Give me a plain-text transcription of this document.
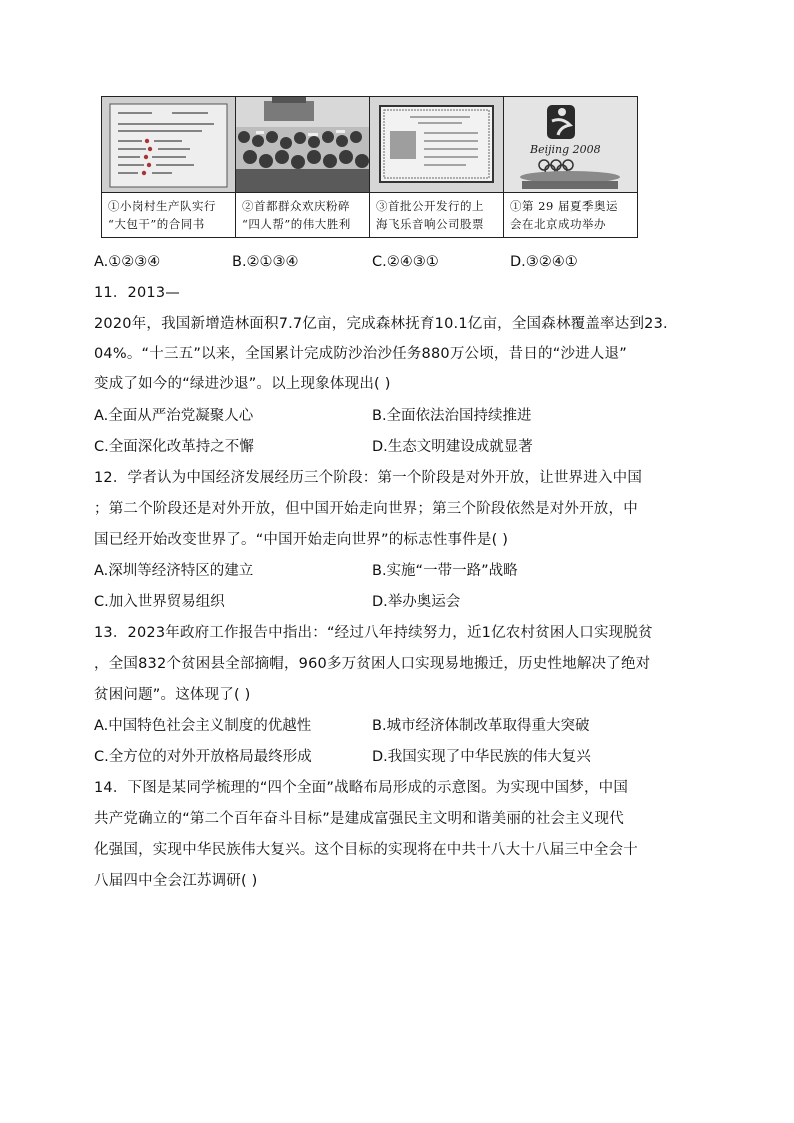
①小岗村生产队实行
“大包干”的合同书
②首都群众欢庆粉碎
“四人帮”的伟大胜利
③首批公开发行的上
海飞乐音响公司股票
Beijing 2008
①第 29 届夏季奥运
会在北京成功举办
A.①②③④	B.②①③④	C.②④③①	D.③②④①
11．2013—
2020年，我国新增造林面积7.7亿亩，完成森林抚育10.1亿亩，全国森林覆盖率达到23.
04%。“十三五”以来，全国累计完成防沙治沙任务880万公顷，昔日的“沙进人退”
变成了如今的“绿进沙退”。以上现象体现出( )
A.全面从严治党凝聚人心	B.全面依法治国持续推进
C.全面深化改革持之不懈	D.生态文明建设成就显著
12．学者认为中国经济发展经历三个阶段：第一个阶段是对外开放，让世界进入中国
；第二个阶段还是对外开放，但中国开始走向世界；第三个阶段依然是对外开放，中
国已经开始改变世界了。“中国开始走向世界”的标志性事件是( )
A.深圳等经济特区的建立	B.实施“一带一路”战略
C.加入世界贸易组织	D.举办奥运会
13．2023年政府工作报告中指出：“经过八年持续努力，近1亿农村贫困人口实现脱贫
，全国832个贫困县全部摘帽，960多万贫困人口实现易地搬迁，历史性地解决了绝对
贫困问题”。这体现了( )
A.中国特色社会主义制度的优越性	B.城市经济体制改革取得重大突破
C.全方位的对外开放格局最终形成	D.我国实现了中华民族的伟大复兴
14．下图是某同学梳理的“四个全面”战略布局形成的示意图。为实现中国梦，中国
共产党确立的“第二个百年奋斗目标”是建成富强民主文明和谐美丽的社会主义现代
化强国，实现中华民族伟大复兴。这个目标的实现将在中共十八大十八届三中全会十
八届四中全会江苏调研( )
